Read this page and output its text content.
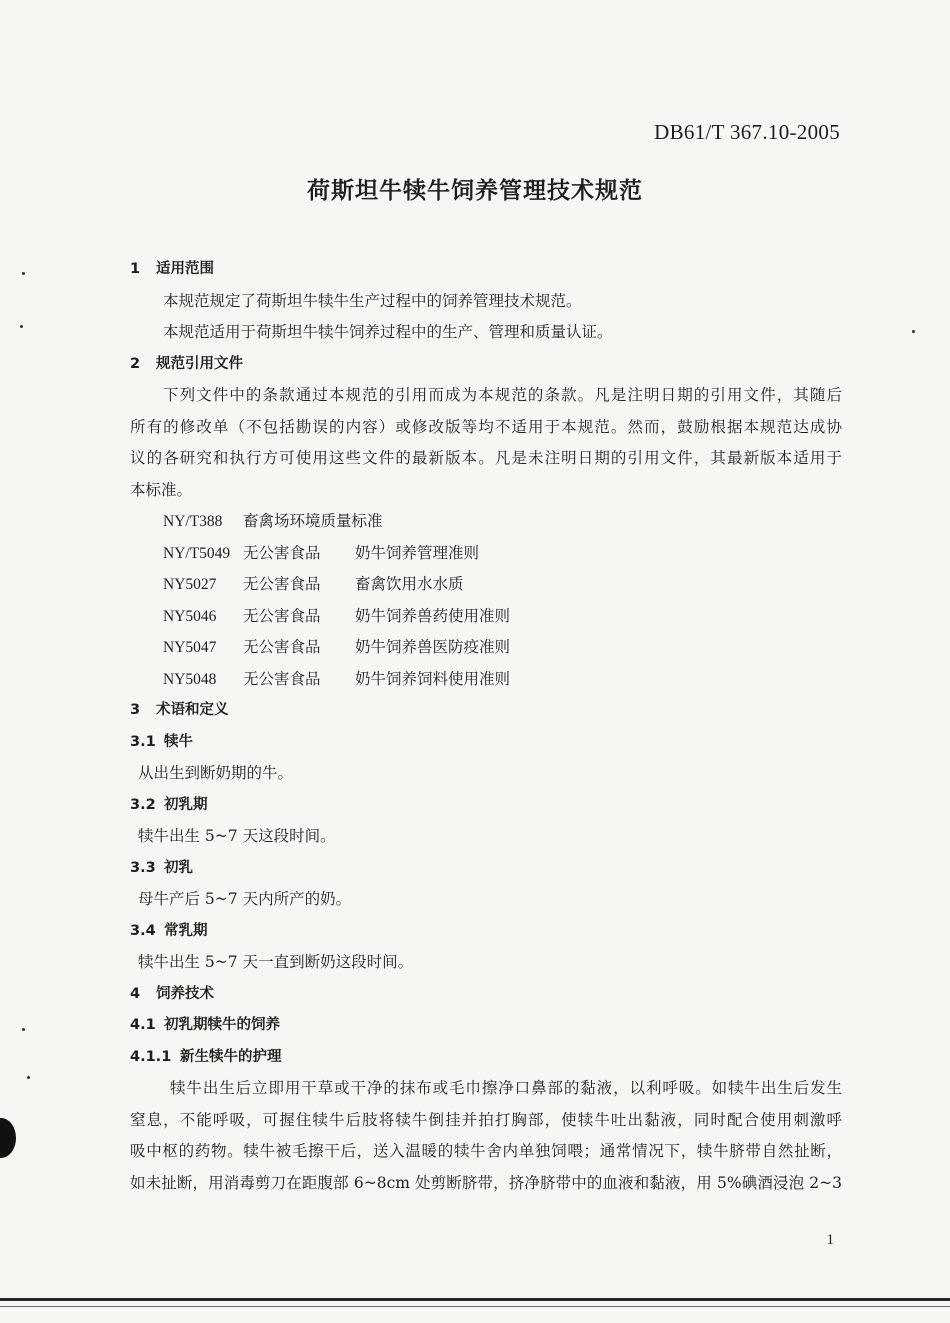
DB61/T 367.10-2005
荷斯坦牛犊牛饲养管理技术规范
1 适用范围
本规范规定了荷斯坦牛犊牛生产过程中的饲养管理技术规范。
本规范适用于荷斯坦牛犊牛饲养过程中的生产、管理和质量认证。
2 规范引用文件
下列文件中的条款通过本规范的引用而成为本规范的条款。凡是注明日期的引用文件，其随后
所有的修改单（不包括勘误的内容）或修改版等均不适用于本规范。然而，鼓励根据本规范达成协
议的各研究和执行方可使用这些文件的最新版本。凡是未注明日期的引用文件，其最新版本适用于
本标准。
NY/T388 畜禽场环境质量标准
NY/T5049 无公害食品 奶牛饲养管理准则
NY5027 无公害食品 畜禽饮用水水质
NY5046 无公害食品 奶牛饲养兽药使用准则
NY5047 无公害食品 奶牛饲养兽医防疫准则
NY5048 无公害食品 奶牛饲养饲料使用准则
3 术语和定义
3.1 犊牛
从出生到断奶期的牛。
3.2 初乳期
犊牛出生 5~7 天这段时间。
3.3 初乳
母牛产后 5~7 天内所产的奶。
3.4 常乳期
犊牛出生 5~7 天一直到断奶这段时间。
4 饲养技术
4.1 初乳期犊牛的饲养
4.1.1 新生犊牛的护理
犊牛出生后立即用干草或干净的抹布或毛巾擦净口鼻部的黏液，以利呼吸。如犊牛出生后发生
窒息，不能呼吸，可握住犊牛后肢将犊牛倒挂并拍打胸部，使犊牛吐出黏液，同时配合使用刺激呼
吸中枢的药物。犊牛被毛擦干后，送入温暖的犊牛舍内单独饲喂；通常情况下，犊牛脐带自然扯断，
如未扯断，用消毒剪刀在距腹部 6~8cm 处剪断脐带，挤净脐带中的血液和黏液，用 5%碘酒浸泡 2~3
1
